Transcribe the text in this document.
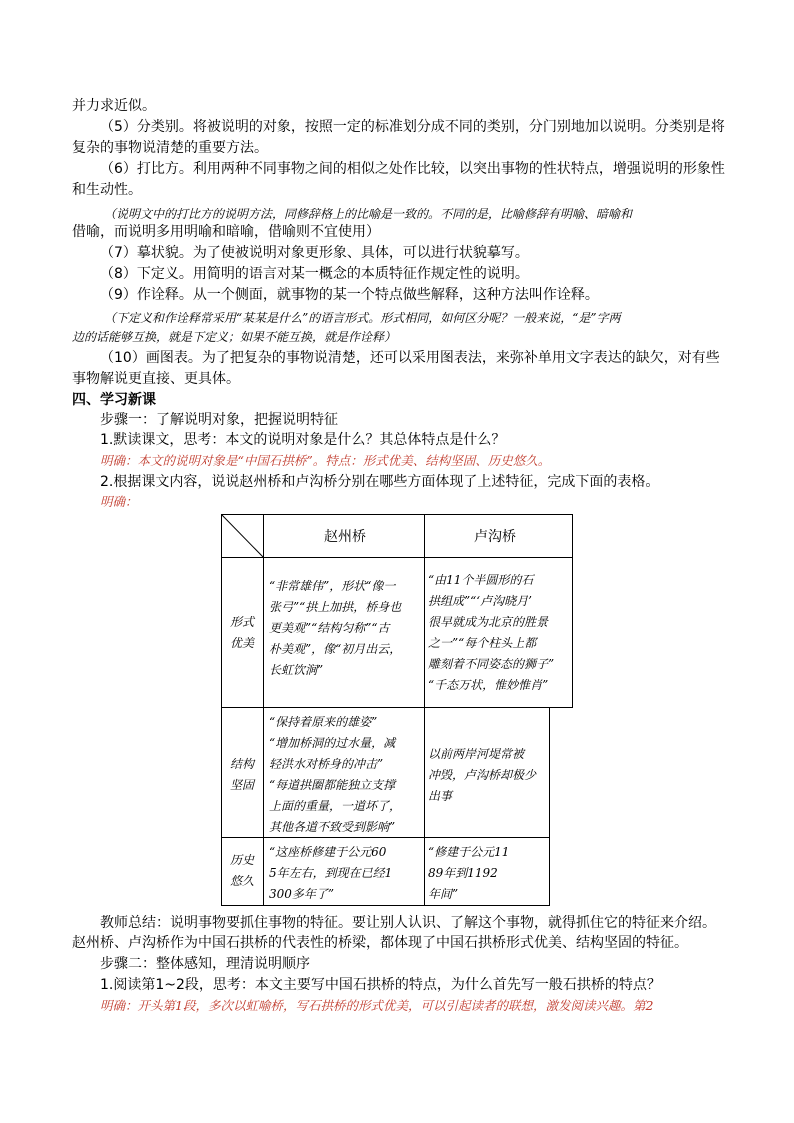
并力求近似。
（5）分类别。将被说明的对象，按照一定的标准划分成不同的类别，分门别地加以说明。分类别是将
复杂的事物说清楚的重要方法。
（6）打比方。利用两种不同事物之间的相似之处作比较，以突出事物的性状特点，增强说明的形象性
和生动性。
（说明文中的打比方的说明方法，同修辞格上的比喻是一致的。不同的是，比喻修辞有明喻、暗喻和
借喻，而说明多用明喻和暗喻，借喻则不宜使用）
（7）摹状貌。为了使被说明对象更形象、具体，可以进行状貌摹写。
（8）下定义。用简明的语言对某一概念的本质特征作规定性的说明。
（9）作诠释。从一个侧面，就事物的某一个特点做些解释，这种方法叫作诠释。
（下定义和作诠释常采用“某某是什么”的语言形式。形式相同，如何区分呢？一般来说，“是”字两
边的话能够互换，就是下定义；如果不能互换，就是作诠释）
（10）画图表。为了把复杂的事物说清楚，还可以采用图表法，来弥补单用文字表达的缺欠，对有些
事物解说更直接、更具体。
四、学习新课
步骤一：了解说明对象，把握说明特征
1.默读课文，思考：本文的说明对象是什么？其总体特点是什么？
明确：本文的说明对象是“中国石拱桥”。特点：形式优美、结构坚固、历史悠久。
2.根据课文内容，说说赵州桥和卢沟桥分别在哪些方面体现了上述特征，完成下面的表格。
明确：
赵州桥	卢沟桥
形式
优美
“非常雄伟”，形状“像一
张弓”“拱上加拱，桥身也
更美观”“结构匀称”“古
朴美观”，像“初月出云，
长虹饮涧”
“由11个半圆形的石
拱组成”“‘卢沟晓月’
很早就成为北京的胜景
之一”“每个柱头上都
雕刻着不同姿态的狮子”
“千态万状，惟妙惟肖”
结构
坚固
“保持着原来的雄姿”
“增加桥洞的过水量，减
轻洪水对桥身的冲击”
“每道拱圈都能独立支撑
上面的重量，一道坏了，
其他各道不致受到影响”
以前两岸河堤常被
冲毁，卢沟桥却极少
出事
历史
悠久
“这座桥修建于公元60
5年左右，到现在已经1
300多年了”
“修建于公元11
89年到1192
年间”
教师总结：说明事物要抓住事物的特征。要让别人认识、了解这个事物，就得抓住它的特征来介绍。
赵州桥、卢沟桥作为中国石拱桥的代表性的桥梁，都体现了中国石拱桥形式优美、结构坚固的特征。
步骤二：整体感知，理清说明顺序
1.阅读第1~2段，思考：本文主要写中国石拱桥的特点，为什么首先写一般石拱桥的特点？
明确：开头第1段，多次以虹喻桥，写石拱桥的形式优美，可以引起读者的联想，激发阅读兴趣。第2
